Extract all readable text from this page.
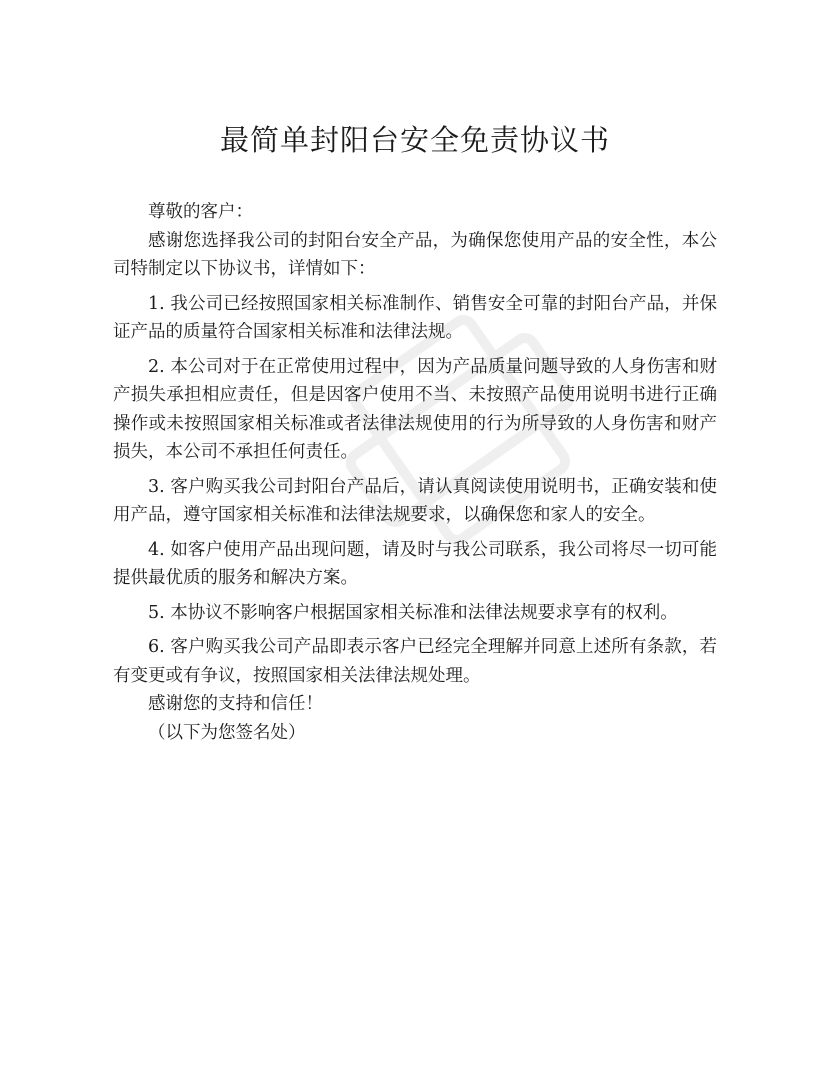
最简单封阳台安全免责协议书

尊敬的客户：

感谢您选择我公司的封阳台安全产品，为确保您使用产品的安全性，本公司特制定以下协议书，详情如下：

1. 我公司已经按照国家相关标准制作、销售安全可靠的封阳台产品，并保证产品的质量符合国家相关标准和法律法规。

2. 本公司对于在正常使用过程中，因为产品质量问题导致的人身伤害和财产损失承担相应责任，但是因客户使用不当、未按照产品使用说明书进行正确操作或未按照国家相关标准或者法律法规使用的行为所导致的人身伤害和财产损失，本公司不承担任何责任。

3. 客户购买我公司封阳台产品后，请认真阅读使用说明书，正确安装和使用产品，遵守国家相关标准和法律法规要求，以确保您和家人的安全。

4. 如客户使用产品出现问题，请及时与我公司联系，我公司将尽一切可能提供最优质的服务和解决方案。

5. 本协议不影响客户根据国家相关标准和法律法规要求享有的权利。

6. 客户购买我公司产品即表示客户已经完全理解并同意上述所有条款，若有变更或有争议，按照国家相关法律法规处理。

感谢您的支持和信任！

（以下为您签名处）
